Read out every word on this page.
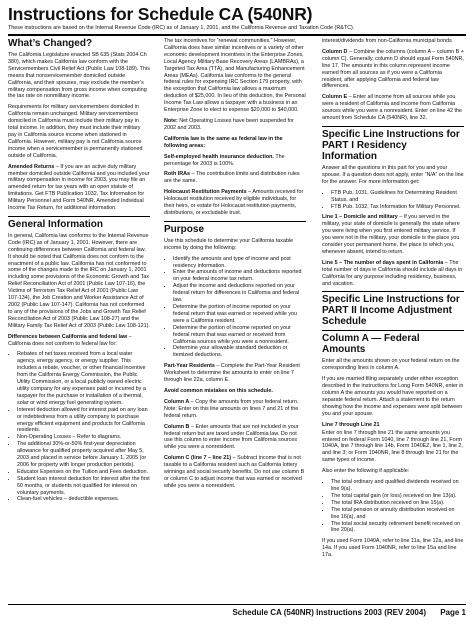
Instructions for Schedule CA (540NR)
These instructions are based on the Internal Revenue Code (IRC) as of January 1, 2001, and the California Revenue and Taxation Code (R&TC).
What’s Changed?

The California Legislature enacted SB 635 (Stats 2004 Ch 380), which makes California law conform with the Servicemembers Civil Relief Act (Public Law 108-189). This means that nonservicemember domiciled outside California, and their spouses, may exclude the member’s military compensation from gross income when computing the tax rate on nonmilitary income.

Requirements for military servicemembers domiciled in California remain unchanged. Military servicemembers domiciled in California must include their military pay in total income. In addition, they must include their military pay in California source income when stationed in California. However, military pay is not California source income when a servicemember is permanently stationed outside of California.

Amended Returns – If you are an active duty military member domiciled outside California and you included your military compensation in income for 2003, you may file an amended return for tax years with an open statute of limitations. Get FTB Publication 1032, Tax Information for Military Personnel and Form 540NR, Amended Individual Income Tax Return, for additional information.

General Information

In general, California law conforms to the Internal Revenue Code (IRC) as of January 1, 2001. However, there are continuing differences between California and federal law. It should be noted that California does not conform to the enactment of a public law. California has not conformed to some of the changes made to the IRC on January 1, 2001 including some provisions of the Economic Growth and Tax Relief Reconciliation Act of 2001 (Public Law 107-16), the Victims of Terrorism Tax Relief Act of 2001 (Public Law 107-134), the Job Creation and Worker Assistance Act of 2002 (Public Law 107-147). California has not conformed to any of the provisions of the Jobs and Growth Tax Relief Reconciliation Act of 2003 (Public Law 108-27) and the Military Family Tax Relief Act of 2003 (Public Law 108-121).

Differences between California and federal law – California does not conform to federal law for:

• Rebates of net taxes received from a local water agency, energy agency, or energy supplier. This includes a rebate, voucher, or other financial incentive from the California Energy Commission, the Public Utility Commission, or a local publicly owned electric utility company for any expenses paid or incurred by a taxpayer for the purchase or installation of a thermal, solar or wind energy fuel generating system.
• Interest deduction allowed for interest paid on any loan or indebtedness from a utility company to purchase energy efficient equipment and products for California residents.
• Non-Operating Losses – Refer to diagrams.
• The additional 30%-or-50% first-year depreciation allowance for qualified property acquired after May 5, 2003 and placed in service before January 1, 2005 (or 2006 for property with longer production periods).
• Educator Expenses on the Tuition and Fees deduction.
• Student loan interest deduction for interest after the first 60 months, or students not qualified for interest on voluntary payments.
• Clean-fuel vehicles – deductible expenses.

The tax incentives for “renewal communities.” However, California does have similar incentives or a variety of other economic development incentives in the Enterprise Zones, Local Agency Military Base Recovery Areas (LAMBRAs), a Targeted Tax Area (TTA), and Manufacturing Enhancement Areas (MEAs). California law conforms to the general federal rules for expensing IRC Section 179 property, with the exception that California law allows a maximum deduction of $25,000. In lieu of this deduction, the Personal Income Tax Law allows a taxpayer with a business in an Enterprise Zone to elect to expense $20,000 to $40,000.

Note: Net Operating Losses have been suspended for 2002 and 2003.

California law is the same as federal law in the following areas:

Self-employed health insurance deduction. The percentage for 2003 is 100%.

Roth IRAs – The contribution limits and distribution rules are the same.

Holocaust Restitution Payments – Amounts received for Holocaust restitution received by eligible individuals, for their heirs, or estate for Holocaust restitution payments, distributions, or excludable trust.

Purpose

Use this schedule to determine your California taxable income by doing the following:

• Identify the amounts and type of income and post residency information.
• Enter the amounts of income and deductions reported on your federal income tax return.
• Adjust the income and deductions reported on your federal return for differences in California and federal law.
• Determine the portion of income reported on your federal return that was earned or received while you were a California resident.
• Determine the portion of income reported on your federal return that was earned or received from California sources while you were a nonresident.
• Determine your allowable standard deduction or itemized deductions.

Part-Year Residents – Complete the Part-Year Resident Worksheet to determine the amounts to enter on line 7 through line 22a, column E.

Avoid common mistakes on this schedule.

Column A – Copy the amounts from your federal return. Note: Enter on this line amounts on lines 7 and 21 of the federal return.

Column B – Enter amounts that are not included in your federal return but are taxed under California law. Do not use this column to enter income from California sources while you were a nonresident.

Column C (line 7 – line 21) – Subtract income that is not taxable to a California resident such as California lottery winnings and social security benefits. Do not use column B or column C to adjust income that was earned or received while you were a nonresident.

interest/dividends from non-California municipal bonds.

Column D – Combine the columns (column A – column B + column C). Generally, column D should equal Form 540NR, line 17. The amounts in this column represent income earned from all sources as if you were a California resident, after applying California and federal law differences.

Column E – Enter all income from all sources while you were a resident of California and income from California sources while you were a nonresident. Enter on line 42 the amount from Schedule CA (540NR), line 32.

Specific Line Instructions for PART I Residency Information

Answer all the questions in this part for you and your spouse. If a question does not apply, enter “N/A” on the line for the answer. For more information get:

• FTB Pub. 1031, Guidelines for Determining Resident Status, and
• FTB Pub. 1032, Tax Information for Military Personnel.

Line 1 – Domicile and military – If you served in the military, your state of domicile is generally the state where you were living when you first entered military service. If you were not in the military, your domicile is the place you consider your permanent home, the place to which you, whenever absent, intend to return.

Line 5 – The number of days spent in California – The total number of days in California should include all days in California for any purpose including residency, business, and vacation.

Specific Line Instructions for PART II Income Adjustment Schedule
Column A — Federal Amounts

Enter all the amounts shown on your federal return on the corresponding lines in column A.

If you are married filing separately under either exception described in the instructions for Long Form 540NR, enter in column A the amounts you would have reported on a separate federal return. Attach a statement to the return showing how the income and expenses were split between you and your spouse.

Line 7 through Line 21

Enter on line 7 through line 21 the same amounts you entered on federal Form 1040, line 7 through line 21, Form 1040A, line 7 through line 14b, Form 1040EZ, line 1, line 2, and line 3; or Form 1040NR, line 8 through line 21 for the same types of income.

Also enter the following if applicable:

• The total ordinary and qualified dividends received on line 9(a).
• The total capital gain (or loss) received on line 13(a).
• The total IRA distribution received on line 15(a).
• The total pension or annuity distribution received on line 16(a), and
• The total social security retirement benefit received on line 20(a).

If you used Form 1040A, refer to line 11a, line 12a, and line 14a. If you used Form 1040NR, refer to line 15a and line 17a.

Schedule CA (540NR) Instructions 2003 (REV 2004) Page 1
